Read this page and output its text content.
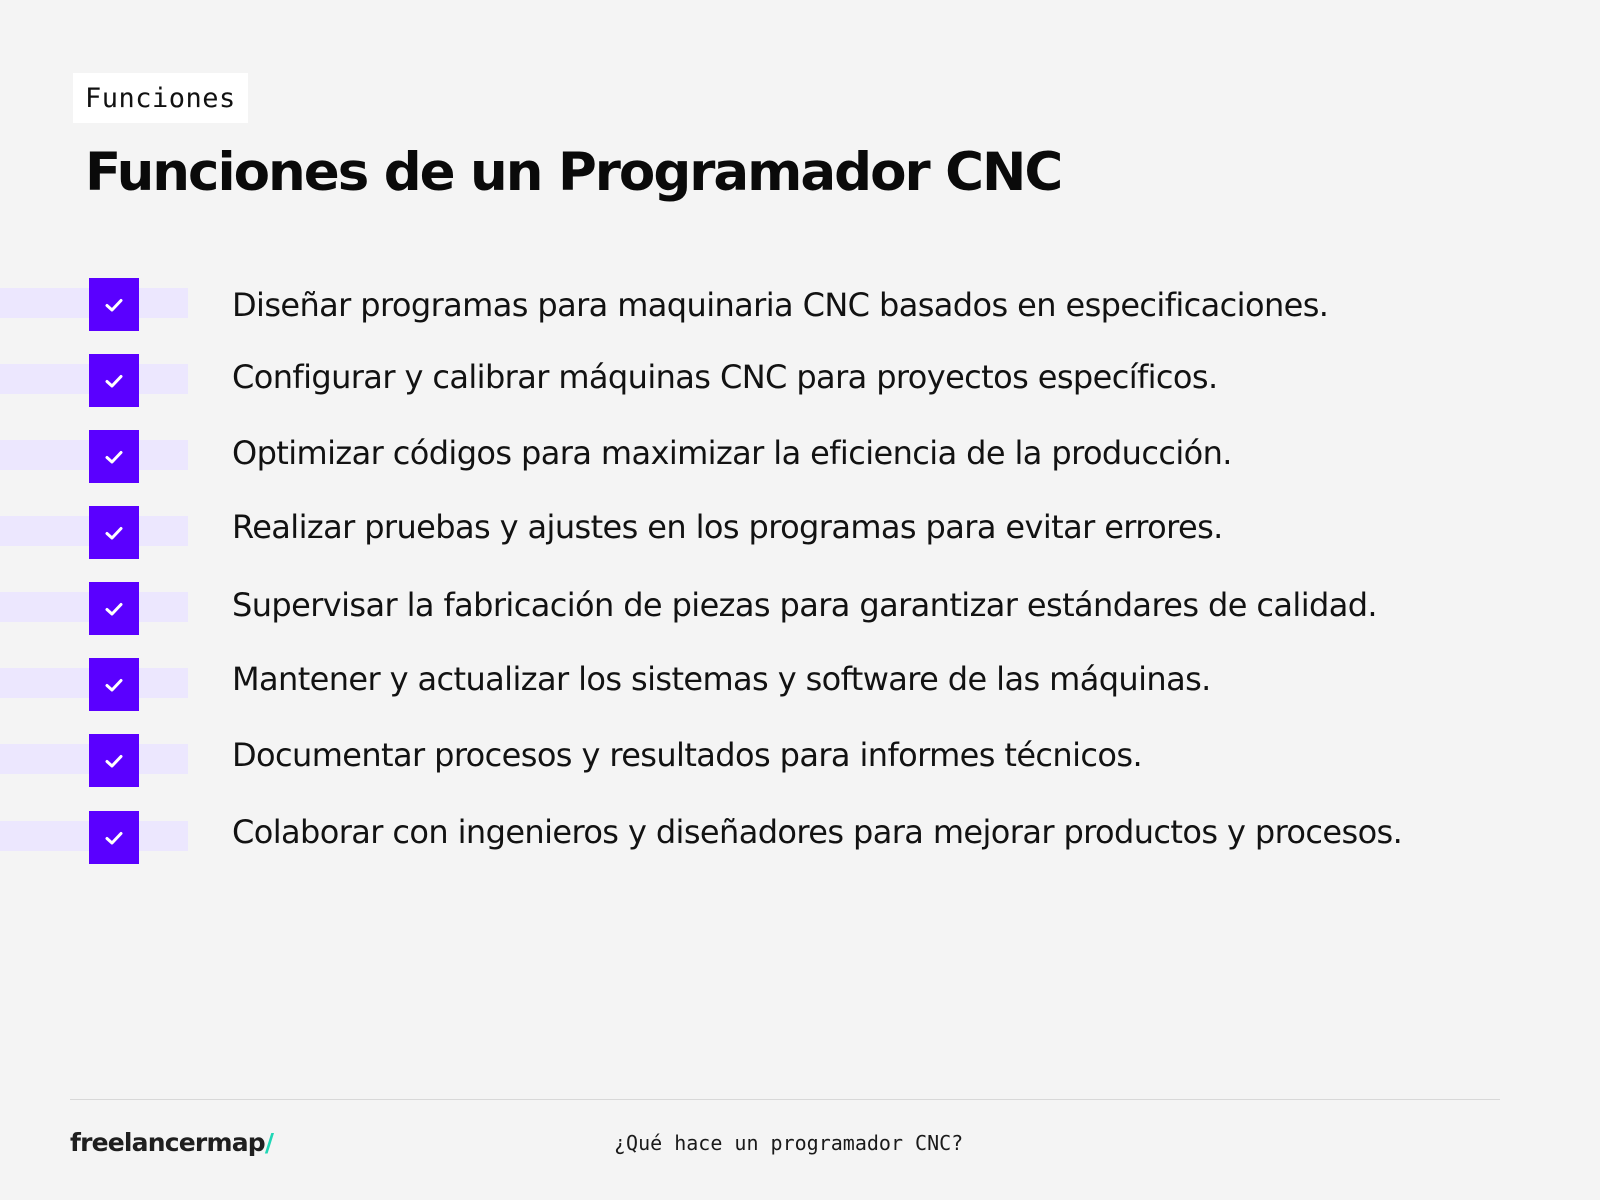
Funciones
Funciones de un Programador CNC
Diseñar programas para maquinaria CNC basados en especificaciones.
Configurar y calibrar máquinas CNC para proyectos específicos.
Optimizar códigos para maximizar la eficiencia de la producción.
Realizar pruebas y ajustes en los programas para evitar errores.
Supervisar la fabricación de piezas para garantizar estándares de calidad.
Mantener y actualizar los sistemas y software de las máquinas.
Documentar procesos y resultados para informes técnicos.
Colaborar con ingenieros y diseñadores para mejorar productos y procesos.
freelancermap/	¿Qué hace un programador CNC?
